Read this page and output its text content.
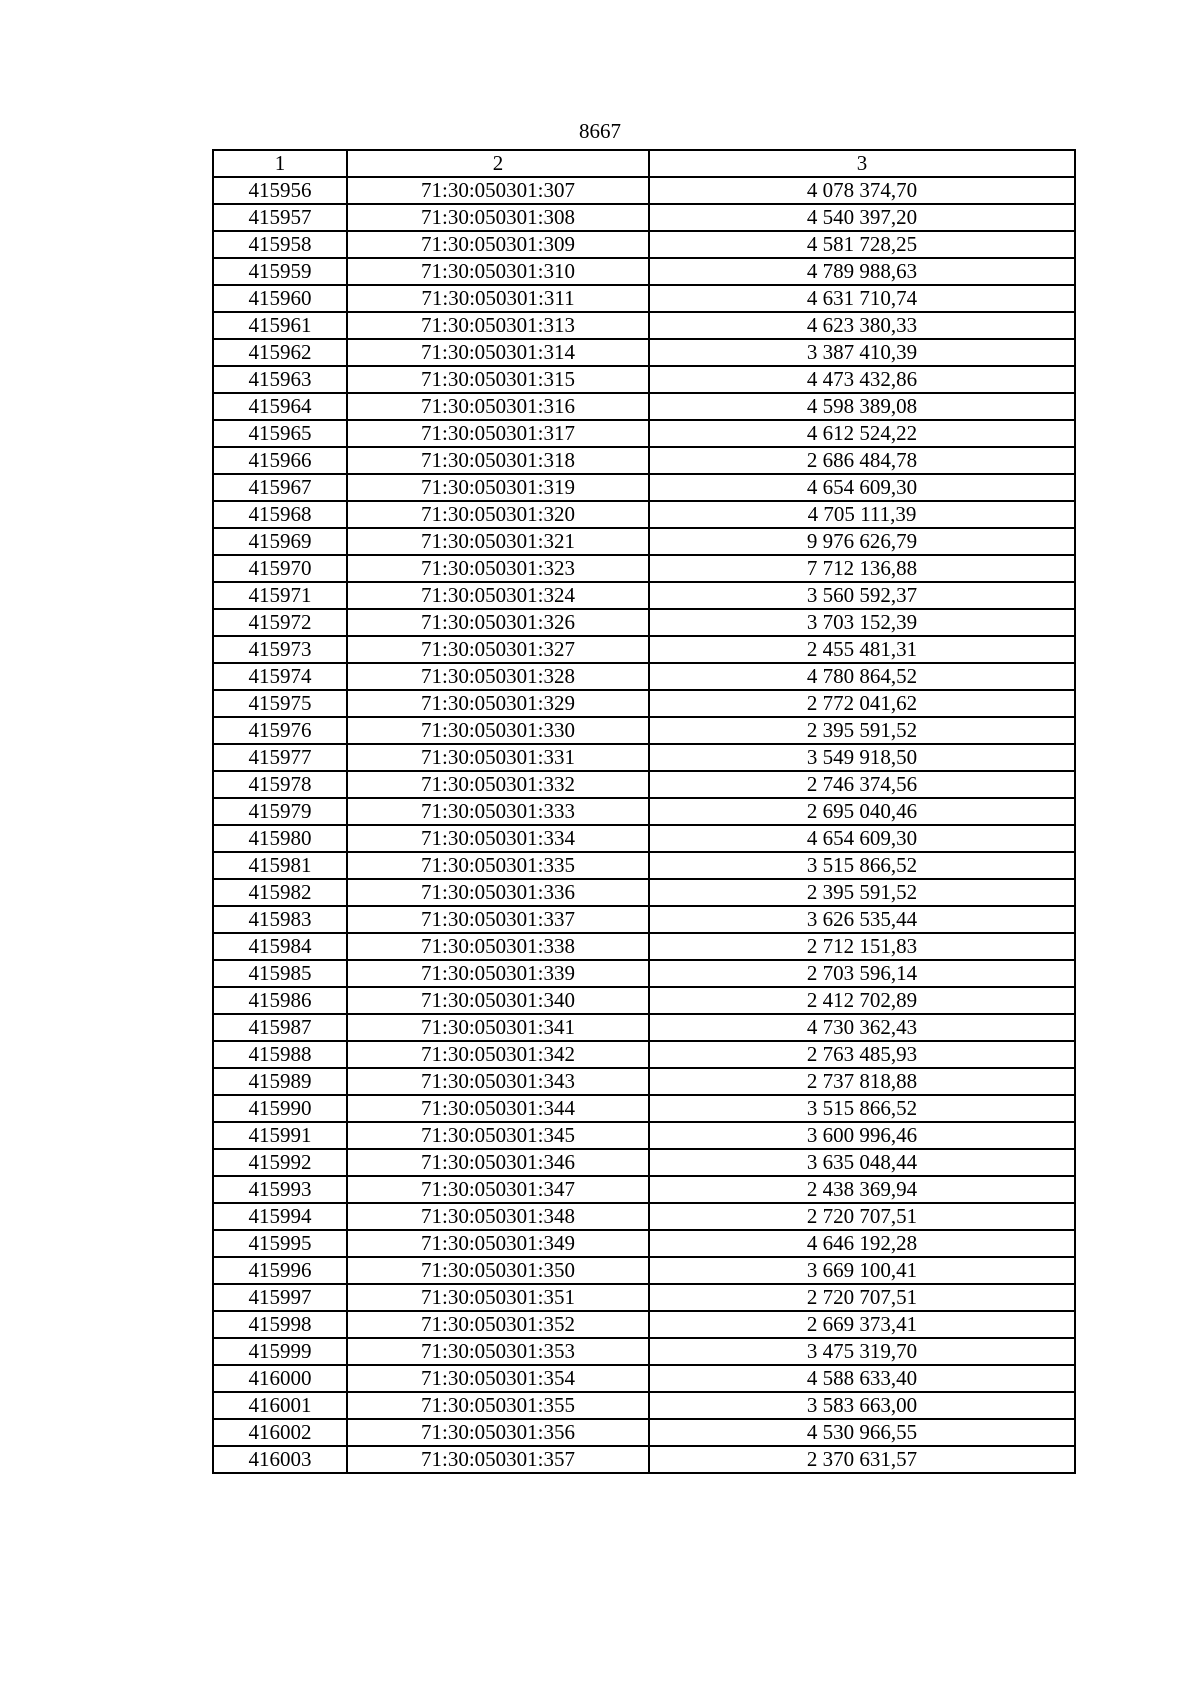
8667
1	2	3
415956	71:30:050301:307	4 078 374,70
415957	71:30:050301:308	4 540 397,20
415958	71:30:050301:309	4 581 728,25
415959	71:30:050301:310	4 789 988,63
415960	71:30:050301:311	4 631 710,74
415961	71:30:050301:313	4 623 380,33
415962	71:30:050301:314	3 387 410,39
415963	71:30:050301:315	4 473 432,86
415964	71:30:050301:316	4 598 389,08
415965	71:30:050301:317	4 612 524,22
415966	71:30:050301:318	2 686 484,78
415967	71:30:050301:319	4 654 609,30
415968	71:30:050301:320	4 705 111,39
415969	71:30:050301:321	9 976 626,79
415970	71:30:050301:323	7 712 136,88
415971	71:30:050301:324	3 560 592,37
415972	71:30:050301:326	3 703 152,39
415973	71:30:050301:327	2 455 481,31
415974	71:30:050301:328	4 780 864,52
415975	71:30:050301:329	2 772 041,62
415976	71:30:050301:330	2 395 591,52
415977	71:30:050301:331	3 549 918,50
415978	71:30:050301:332	2 746 374,56
415979	71:30:050301:333	2 695 040,46
415980	71:30:050301:334	4 654 609,30
415981	71:30:050301:335	3 515 866,52
415982	71:30:050301:336	2 395 591,52
415983	71:30:050301:337	3 626 535,44
415984	71:30:050301:338	2 712 151,83
415985	71:30:050301:339	2 703 596,14
415986	71:30:050301:340	2 412 702,89
415987	71:30:050301:341	4 730 362,43
415988	71:30:050301:342	2 763 485,93
415989	71:30:050301:343	2 737 818,88
415990	71:30:050301:344	3 515 866,52
415991	71:30:050301:345	3 600 996,46
415992	71:30:050301:346	3 635 048,44
415993	71:30:050301:347	2 438 369,94
415994	71:30:050301:348	2 720 707,51
415995	71:30:050301:349	4 646 192,28
415996	71:30:050301:350	3 669 100,41
415997	71:30:050301:351	2 720 707,51
415998	71:30:050301:352	2 669 373,41
415999	71:30:050301:353	3 475 319,70
416000	71:30:050301:354	4 588 633,40
416001	71:30:050301:355	3 583 663,00
416002	71:30:050301:356	4 530 966,55
416003	71:30:050301:357	2 370 631,57
